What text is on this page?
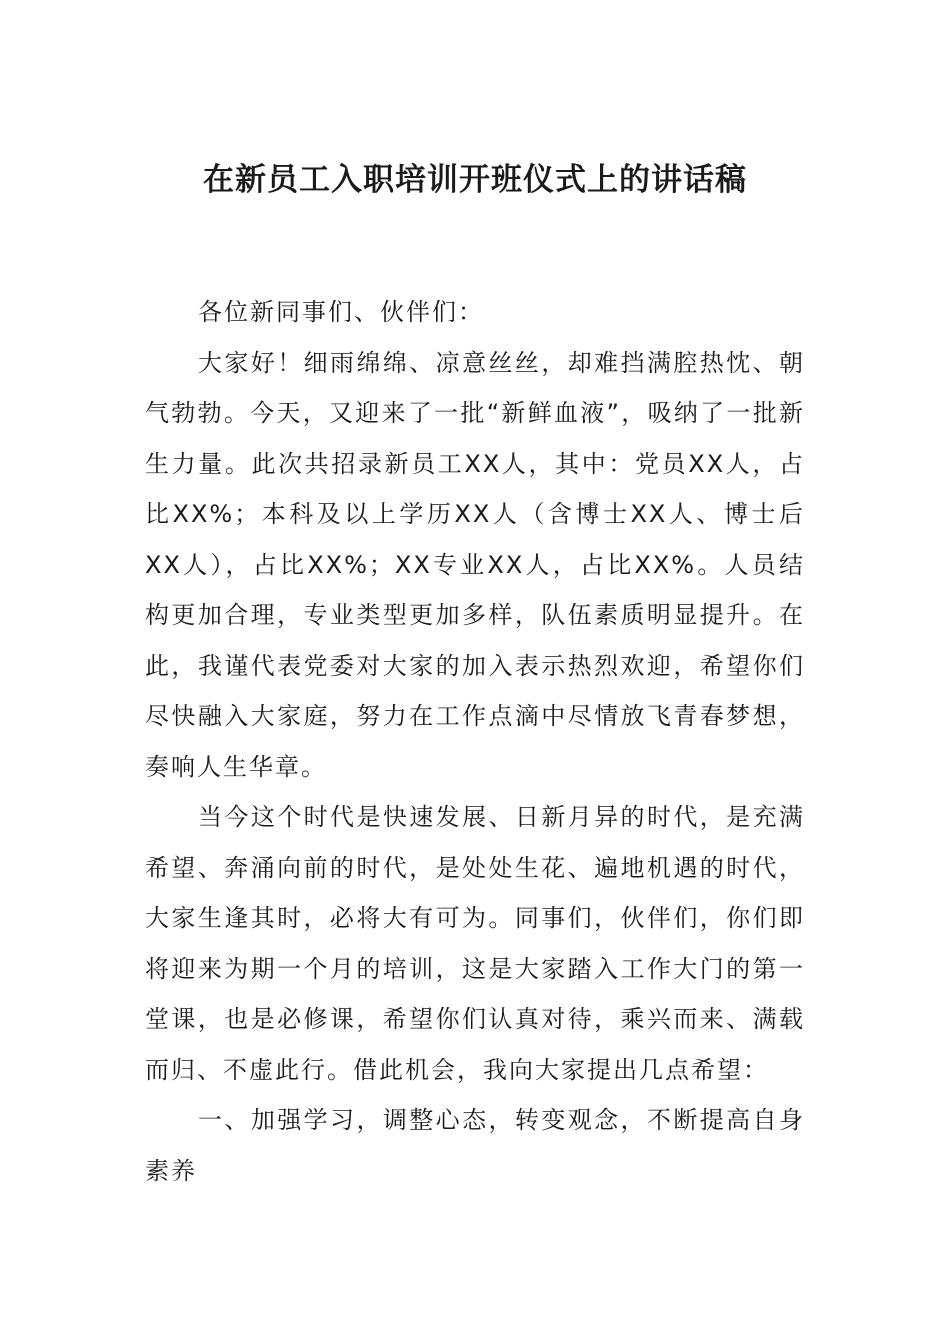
在新员工入职培训开班仪式上的讲话稿

各位新同事们、伙伴们：

大家好！细雨绵绵、凉意丝丝，却难挡满腔热忱、朝气勃勃。今天，又迎来了一批“新鲜血液”，吸纳了一批新生力量。此次共招录新员工XX人，其中：党员XX人，占比XX%；本科及以上学历XX人（含博士XX人、博士后XX人），占比XX%；XX专业XX人，占比XX%。人员结构更加合理，专业类型更加多样，队伍素质明显提升。在此，我谨代表党委对大家的加入表示热烈欢迎，希望你们尽快融入大家庭，努力在工作点滴中尽情放飞青春梦想，奏响人生华章。

当今这个时代是快速发展、日新月异的时代，是充满希望、奔涌向前的时代，是处处生花、遍地机遇的时代，大家生逢其时，必将大有可为。同事们，伙伴们，你们即将迎来为期一个月的培训，这是大家踏入工作大门的第一堂课，也是必修课，希望你们认真对待，乘兴而来、满载而归、不虚此行。借此机会，我向大家提出几点希望：

一、加强学习，调整心态，转变观念，不断提高自身素养
